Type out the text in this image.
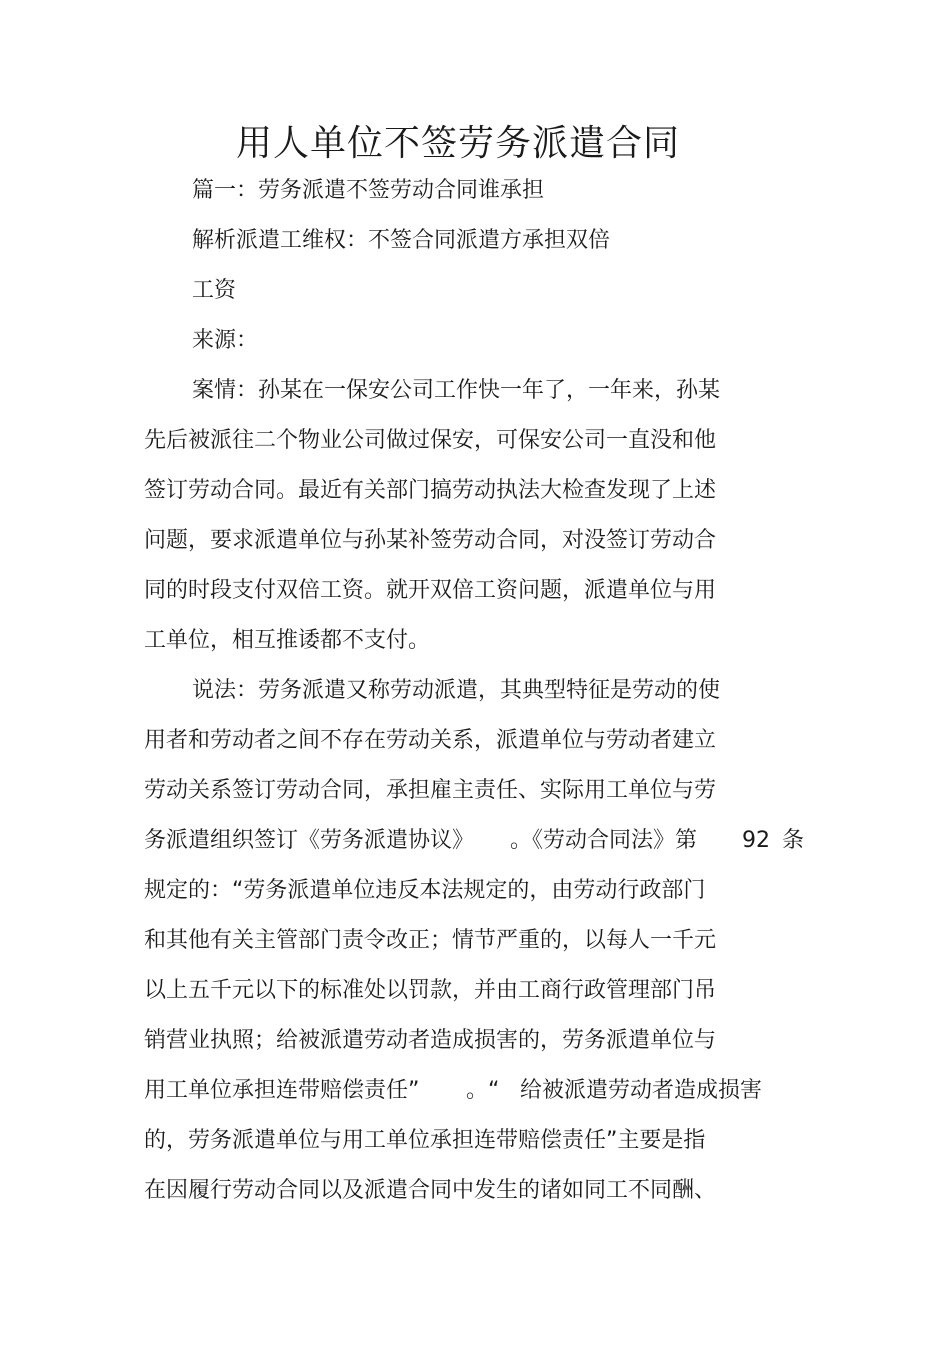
用人单位不签劳务派遣合同

篇一：劳务派遣不签劳动合同谁承担

解析派遣工维权：不签合同派遣方承担双倍

工资

来源：

案情：孙某在一保安公司工作快一年了，一年来，孙某

先后被派往二个物业公司做过保安，可保安公司一直没和他

签订劳动合同。最近有关部门搞劳动执法大检查发现了上述

问题，要求派遣单位与孙某补签劳动合同，对没签订劳动合

同的时段支付双倍工资。就开双倍工资问题，派遣单位与用

工单位，相互推诿都不支付。

说法：劳务派遣又称劳动派遣，其典型特征是劳动的使

用者和劳动者之间不存在劳动关系，派遣单位与劳动者建立

劳动关系签订劳动合同，承担雇主责任、实际用工单位与劳

务派遣组织签订《劳务派遣协议》 。《劳动合同法》第 92 条

规定的：“劳务派遣单位违反本法规定的，由劳动行政部门

和其他有关主管部门责令改正；情节严重的，以每人一千元

以上五千元以下的标准处以罚款，并由工商行政管理部门吊

销营业执照；给被派遣劳动者造成损害的，劳务派遣单位与

用工单位承担连带赔偿责任” 。“ 给被派遣劳动者造成损害

的，劳务派遣单位与用工单位承担连带赔偿责任”主要是指

在因履行劳动合同以及派遣合同中发生的诸如同工不同酬、
